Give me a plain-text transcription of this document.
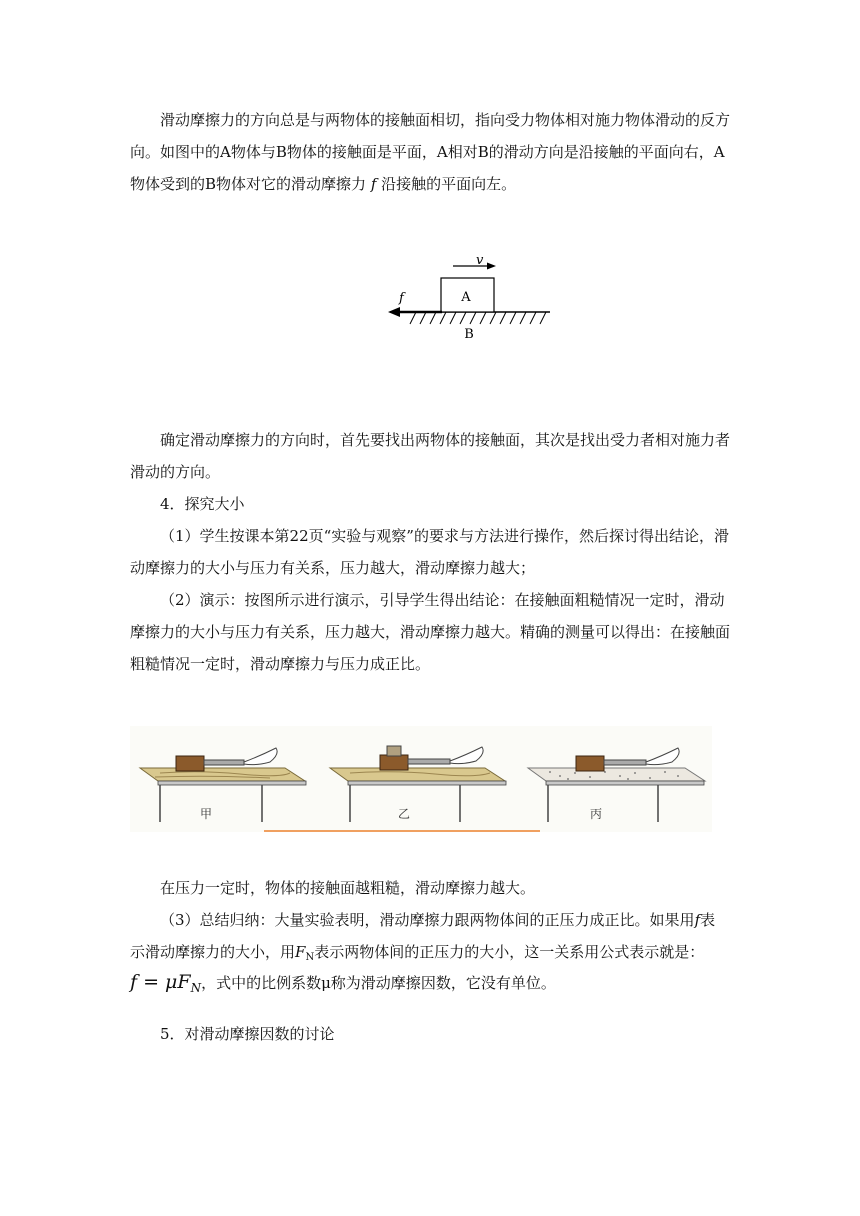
滑动摩擦力的方向总是与两物体的接触面相切，指向受力物体相对施力物体滑动的反方向。如图中的A物体与B物体的接触面是平面，A相对B的滑动方向是沿接触的平面向右，A物体受到的B物体对它的滑动摩擦力 f 沿接触的平面向左。

A
v
f
B

确定滑动摩擦力的方向时，首先要找出两物体的接触面，其次是找出受力者相对施力者滑动的方向。

4．探究大小

（1）学生按课本第22页“实验与观察”的要求与方法进行操作，然后探讨得出结论，滑动摩擦力的大小与压力有关系，压力越大，滑动摩擦力越大；

（2）演示：按图所示进行演示，引导学生得出结论：在接触面粗糙情况一定时，滑动摩擦力的大小与压力有关系，压力越大，滑动摩擦力越大。精确的测量可以得出：在接触面粗糙情况一定时，滑动摩擦力与压力成正比。

甲	乙	丙

在压力一定时，物体的接触面越粗糙，滑动摩擦力越大。

（3）总结归纳：大量实验表明，滑动摩擦力跟两物体间的正压力成正比。如果用f表示滑动摩擦力的大小，用$F_N$表示两物体间的正压力的大小，这一关系用公式表示就是：

$f = \mu F_N$，式中的比例系数μ称为滑动摩擦因数，它没有单位。
5．对滑动摩擦因数的讨论
